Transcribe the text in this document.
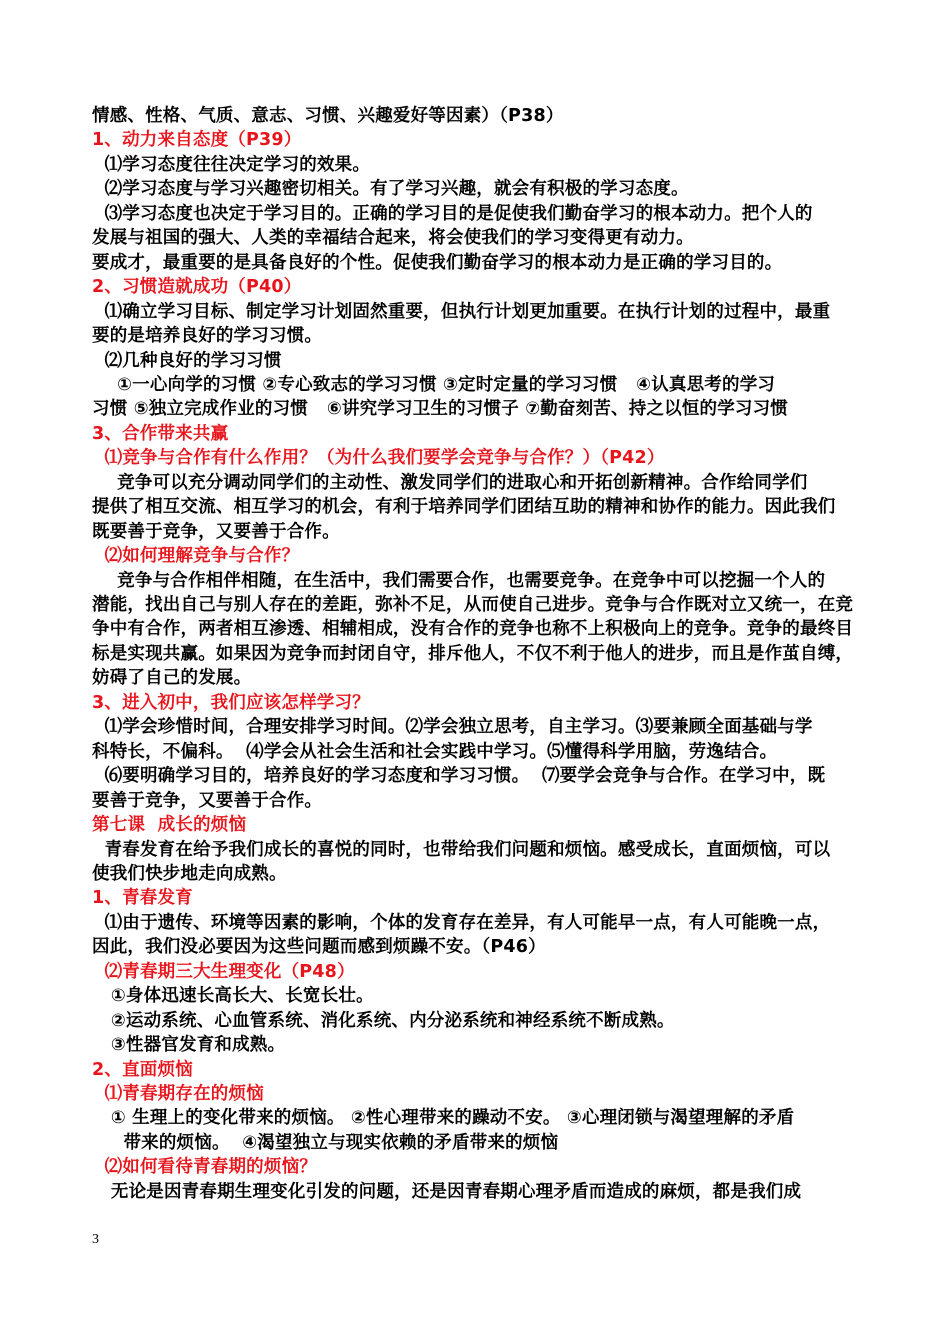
情感、性格、气质、意志、习惯、兴趣爱好等因素）（P38）
1、动力来自态度（P39）
⑴学习态度往往决定学习的效果。
⑵学习态度与学习兴趣密切相关。有了学习兴趣，就会有积极的学习态度。
⑶学习态度也决定于学习目的。正确的学习目的是促使我们勤奋学习的根本动力。把个人的
发展与祖国的强大、人类的幸福结合起来，将会使我们的学习变得更有动力。
要成才，最重要的是具备良好的个性。促使我们勤奋学习的根本动力是正确的学习目的。
2、习惯造就成功（P40）
⑴确立学习目标、制定学习计划固然重要，但执行计划更加重要。在执行计划的过程中，最重
要的是培养良好的学习习惯。
⑵几种良好的学习习惯
①一心向学的习惯 ②专心致志的学习习惯 ③定时定量的学习习惯   ④认真思考的学习
习惯 ⑤独立完成作业的习惯   ⑥讲究学习卫生的习惯子 ⑦勤奋刻苦、持之以恒的学习习惯
3、合作带来共赢
⑴竞争与合作有什么作用？（为什么我们要学会竞争与合作？）（P42）
竞争可以充分调动同学们的主动性、激发同学们的进取心和开拓创新精神。合作给同学们
提供了相互交流、相互学习的机会，有利于培养同学们团结互助的精神和协作的能力。因此我们
既要善于竞争，又要善于合作。
⑵如何理解竞争与合作？
竞争与合作相伴相随，在生活中，我们需要合作，也需要竞争。在竞争中可以挖掘一个人的
潜能，找出自己与别人存在的差距，弥补不足，从而使自己进步。竞争与合作既对立又统一，在竞
争中有合作，两者相互渗透、相辅相成，没有合作的竞争也称不上积极向上的竞争。竞争的最终目
标是实现共赢。如果因为竞争而封闭自守，排斥他人，不仅不利于他人的进步，而且是作茧自缚，
妨碍了自己的发展。
3、进入初中，我们应该怎样学习？
⑴学会珍惜时间，合理安排学习时间。⑵学会独立思考，自主学习。⑶要兼顾全面基础与学
科特长，不偏科。  ⑷学会从社会生活和社会实践中学习。⑸懂得科学用脑，劳逸结合。
⑹要明确学习目的，培养良好的学习态度和学习习惯。  ⑺要学会竞争与合作。在学习中，既
要善于竞争，又要善于合作。
第七课  成长的烦恼
青春发育在给予我们成长的喜悦的同时，也带给我们问题和烦恼。感受成长，直面烦恼，可以
使我们快步地走向成熟。
1、青春发育
⑴由于遗传、环境等因素的影响，个体的发育存在差异，有人可能早一点，有人可能晚一点，
因此，我们没必要因为这些问题而感到烦躁不安。（P46）
⑵青春期三大生理变化（P48）
①身体迅速长高长大、长宽长壮。
②运动系统、心血管系统、消化系统、内分泌系统和神经系统不断成熟。
③性器官发育和成熟。
2、直面烦恼
⑴青春期存在的烦恼
① 生理上的变化带来的烦恼。 ②性心理带来的躁动不安。 ③心理闭锁与渴望理解的矛盾
带来的烦恼。  ④渴望独立与现实依赖的矛盾带来的烦恼
⑵如何看待青春期的烦恼？
无论是因青春期生理变化引发的问题，还是因青春期心理矛盾而造成的麻烦，都是我们成
3
